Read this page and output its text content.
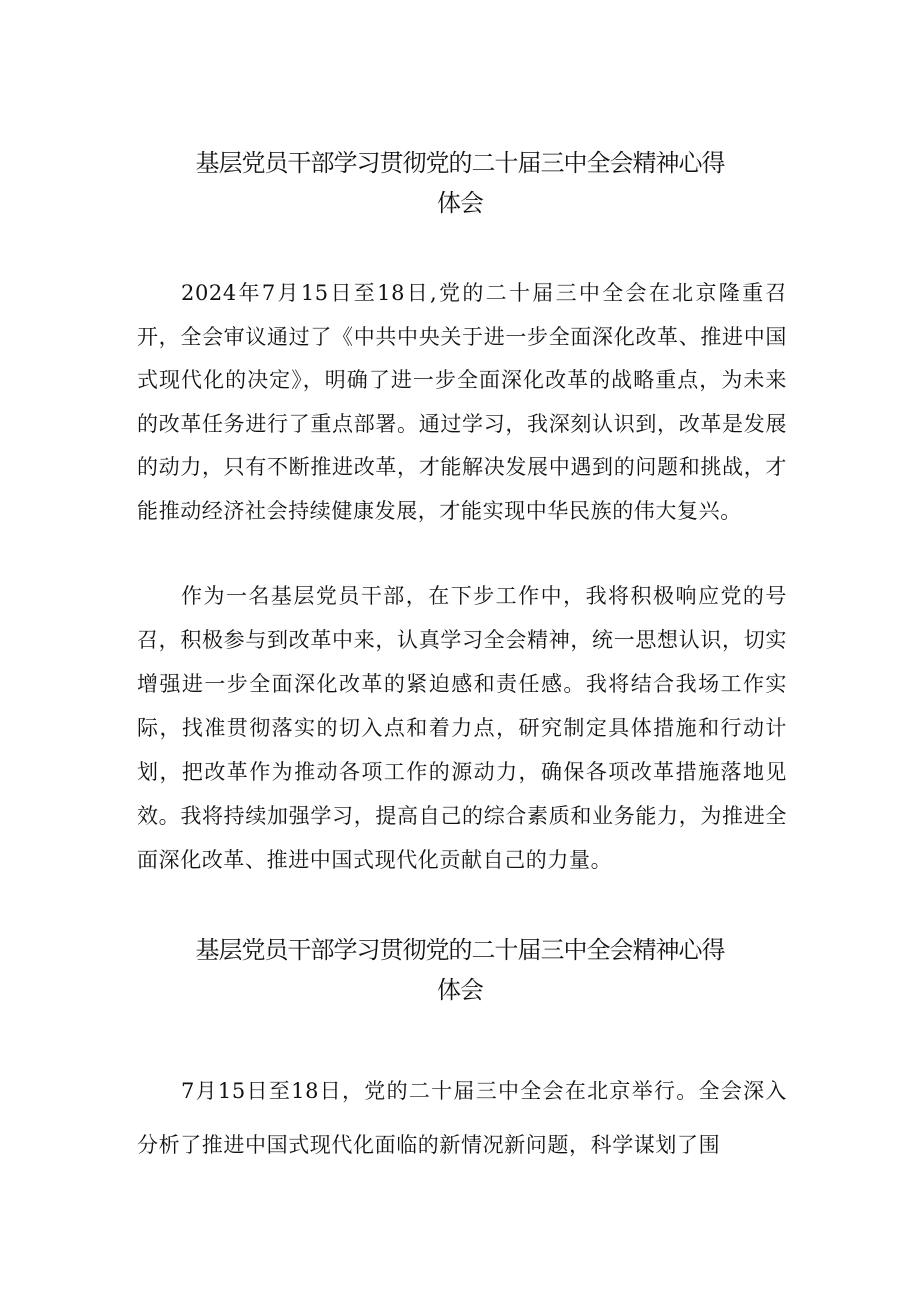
基层党员干部学习贯彻党的二十届三中全会精神心得
体会

2024年7月15日至18日,党的二十届三中全会在北京隆重召开，全会审议通过了《中共中央关于进一步全面深化改革、推进中国式现代化的决定》，明确了进一步全面深化改革的战略重点，为未来的改革任务进行了重点部署。通过学习，我深刻认识到，改革是发展的动力，只有不断推进改革，才能解决发展中遇到的问题和挑战，才能推动经济社会持续健康发展，才能实现中华民族的伟大复兴。

作为一名基层党员干部，在下步工作中，我将积极响应党的号召，积极参与到改革中来，认真学习全会精神，统一思想认识，切实增强进一步全面深化改革的紧迫感和责任感。我将结合我场工作实际，找准贯彻落实的切入点和着力点，研究制定具体措施和行动计划，把改革作为推动各项工作的源动力，确保各项改革措施落地见效。我将持续加强学习，提高自己的综合素质和业务能力，为推进全面深化改革、推进中国式现代化贡献自己的力量。

基层党员干部学习贯彻党的二十届三中全会精神心得
体会

7月15日至18日，党的二十届三中全会在北京举行。全会深入分析了推进中国式现代化面临的新情况新问题，科学谋划了围
